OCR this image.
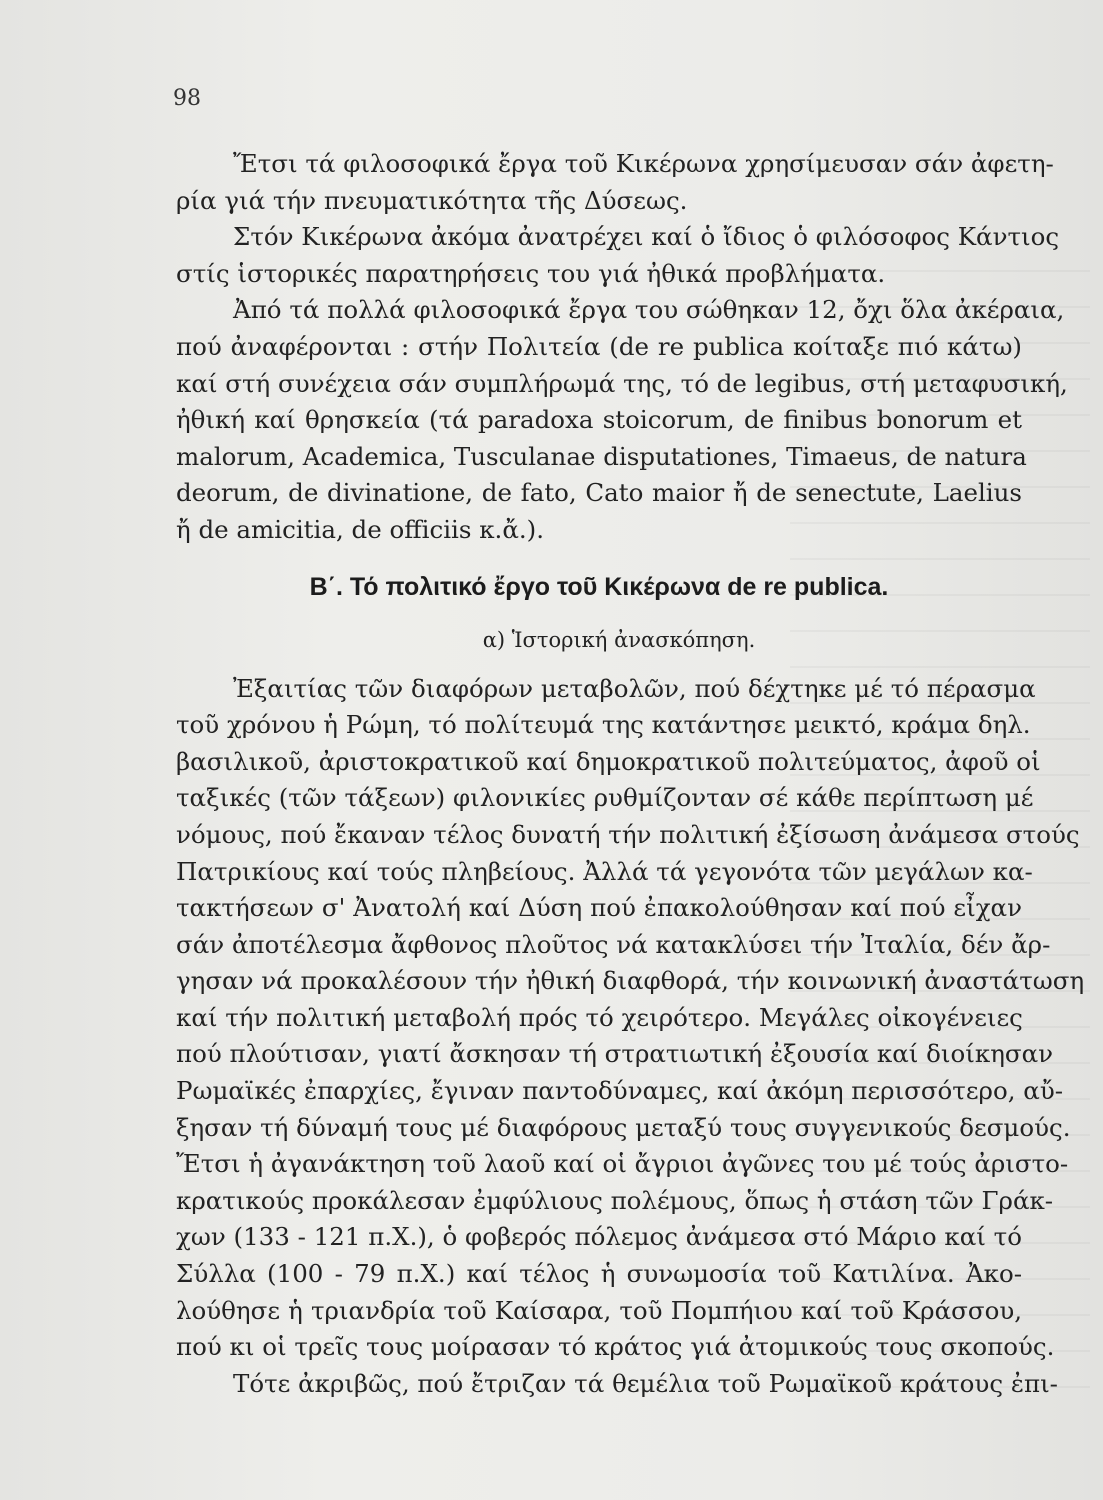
98
Ἔτσι τά φιλοσοφικά ἔργα τοῦ Κικέρωνα χρησίμευσαν σάν ἀφετη-
ρία γιά τήν πνευματικότητα τῆς Δύσεως.
Στόν Κικέρωνα ἀκόμα ἀνατρέχει καί ὁ ἴδιος ὁ φιλόσοφος Κάντιος
στίς ἱστορικές παρατηρήσεις του γιά ἠθικά προβλήματα.
Ἀπό τά πολλά φιλοσοφικά ἔργα του σώθηκαν 12, ὄχι ὅλα ἀκέραια,
πού ἀναφέρονται : στήν Πολιτεία (de re publica κοίταξε πιό κάτω)
καί στή συνέχεια σάν συμπλήρωμά της, τό de legibus, στή μεταφυσική,
ἠθική καί θρησκεία (τά paradoxa stoicorum, de finibus bonorum et
malorum, Academica, Tusculanae disputationes, Timaeus, de natura
deorum, de divinatione, de fato, Cato maior ἤ de senectute, Laelius
ἤ de amicitia, de officiis κ.ἄ.).
Β΄. Τό πολιτικό ἔργο τοῦ Κικέρωνα de re publica.
α) Ἱστορική ἀνασκόπηση.
Ἐξαιτίας τῶν διαφόρων μεταβολῶν, πού δέχτηκε μέ τό πέρασμα
τοῦ χρόνου ἡ Ρώμη, τό πολίτευμά της κατάντησε μεικτό, κράμα δηλ.
βασιλικοῦ, ἀριστοκρατικοῦ καί δημοκρατικοῦ πολιτεύματος, ἀφοῦ οἱ
ταξικές (τῶν τάξεων) φιλονικίες ρυθμίζονταν σέ κάθε περίπτωση μέ
νόμους, πού ἔκαναν τέλος δυνατή τήν πολιτική ἐξίσωση ἀνάμεσα στούς
Πατρικίους καί τούς πληβείους. Ἀλλά τά γεγονότα τῶν μεγάλων κα-
τακτήσεων σ' Ἀνατολή καί Δύση πού ἐπακολούθησαν καί πού εἶχαν
σάν ἀποτέλεσμα ἄφθονος πλοῦτος νά κατακλύσει τήν Ἰταλία, δέν ἄρ-
γησαν νά προκαλέσουν τήν ἠθική διαφθορά, τήν κοινωνική ἀναστάτωση
καί τήν πολιτική μεταβολή πρός τό χειρότερο. Μεγάλες οἰκογένειες
πού πλούτισαν, γιατί ἄσκησαν τή στρατιωτική ἐξουσία καί διοίκησαν
Ρωμαϊκές ἐπαρχίες, ἔγιναν παντοδύναμες, καί ἀκόμη περισσότερο, αὔ-
ξησαν τή δύναμή τους μέ διαφόρους μεταξύ τους συγγενικούς δεσμούς.
Ἔτσι ἡ ἀγανάκτηση τοῦ λαοῦ καί οἱ ἄγριοι ἀγῶνες του μέ τούς ἀριστο-
κρατικούς προκάλεσαν ἐμφύλιους πολέμους, ὅπως ἡ στάση τῶν Γράκ-
χων (133 - 121 π.Χ.), ὁ φοβερός πόλεμος ἀνάμεσα στό Μάριο καί τό
Σύλλα (100 - 79 π.Χ.) καί τέλος ἡ συνωμοσία τοῦ Κατιλίνα. Ἀκο-
λούθησε ἡ τριανδρία τοῦ Καίσαρα, τοῦ Πομπήιου καί τοῦ Κράσσου,
πού κι οἱ τρεῖς τους μοίρασαν τό κράτος γιά ἀτομικούς τους σκοπούς.
Τότε ἀκριβῶς, πού ἔτριζαν τά θεμέλια τοῦ Ρωμαϊκοῦ κράτους ἐπι-
